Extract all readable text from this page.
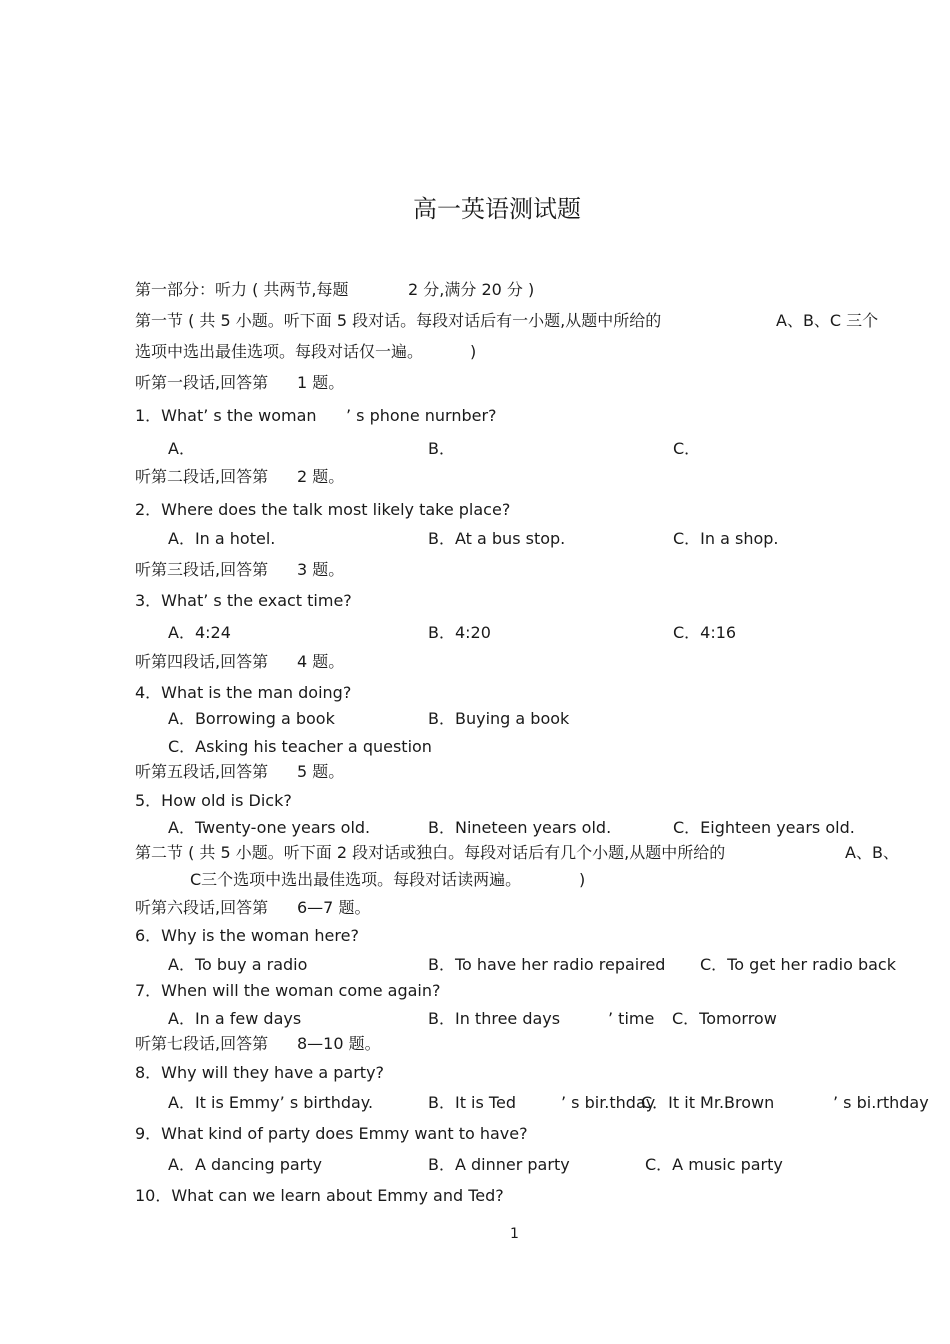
高一英语测试题
第一部分：听力 ( 共两节,每题	2 分,满分 20 分 )
第一节 ( 共 5 小题。听下面 5 段对话。每段对话后有一小题,从题中所给的	A、B、C 三个
选项中选出最佳选项。每段对话仅一遍。	)
听第一段话,回答第 1 题。
1．What’ s the woman ’ s phone nurnber?
A．	B．	C．
听第二段话,回答第 2 题。
2．Where does the talk most likely take place?
A．In a hotel.	B．At a bus stop.	C．In a shop.
听第三段话,回答第 3 题。
3．What’ s the exact time?
A．4:24	B．4:20	C．4:16
听第四段话,回答第 4 题。
4．What is the man doing?
A．Borrowing a book	B．Buying a book
C．Asking his teacher a question
听第五段话,回答第 5 题。
5．How old is Dick?
A．Twenty-one years old.	B．Nineteen years old.	C．Eighteen years old.
第二节 ( 共 5 小题。听下面 2 段对话或独白。每段对话后有几个小题,从题中所给的	A、B、
C三个选项中选出最佳选项。每段对话读两遍。	)
听第六段话,回答第 6—7 题。
6．Why is the woman here?
A．To buy a radio	B．To have her radio repaired C．To get her radio back
7．When will the woman come again?
A．In a few days	B．In three days	’ time C．Tomorrow
听第七段话,回答第 8—10 题。
8．Why will they have a party?
A．It is Emmy’ s birthday.	B．It is Ted	’ s bir.thday
C．It it Mr.Brown	’ s bi.rthday
9．What kind of party does Emmy want to have?
A．A dancing party	B．A dinner party	C．A music party
10．What can we learn about Emmy and Ted?
1
